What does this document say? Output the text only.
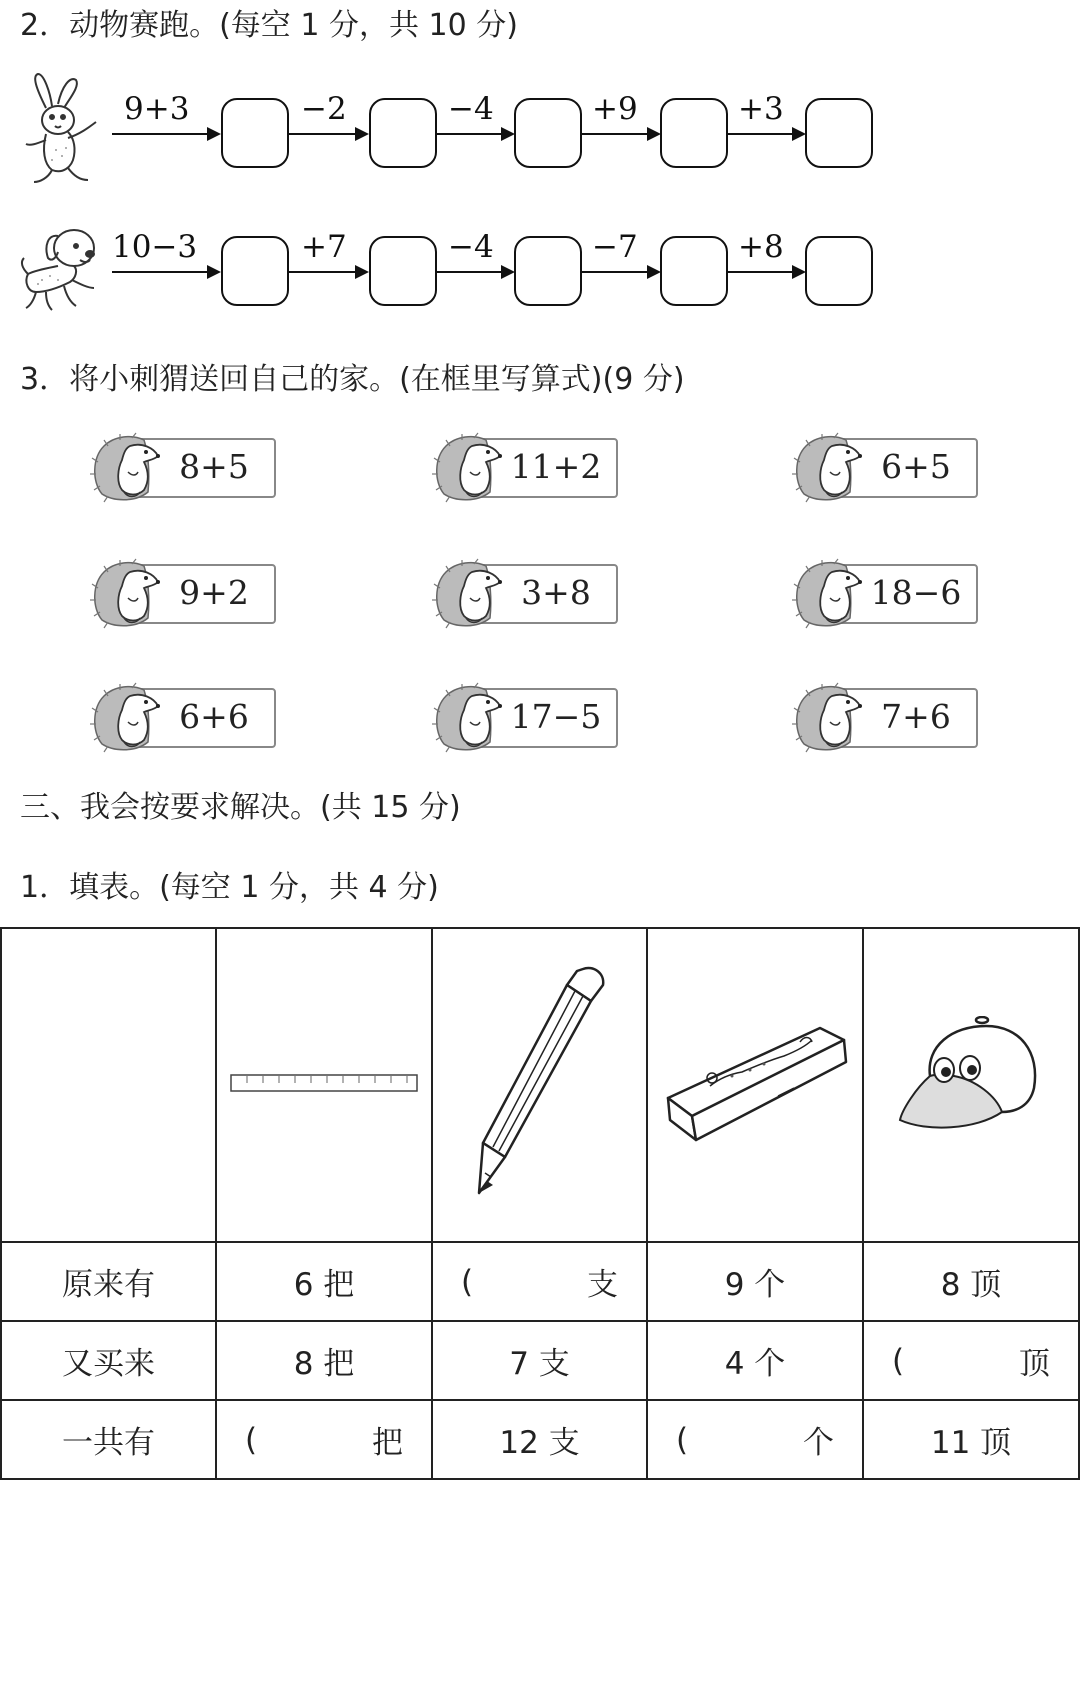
2．动物赛跑。(每空 1 分，共 10 分)
9+3	−2	−4	+9	+3
10−3	+7	−4	−7	+8
3．将小刺猬送回自己的家。(在框里写算式)(9 分)
8+5	11+2	6+5
9+2	3+8	18−6
6+6	17−5	7+6
三、我会按要求解决。(共 15 分)
1．填表。(每空 1 分，共 4 分)

原来有	6 把	( 支	9 个	8 顶
又买来	8 把	7 支	4 个	( 顶

一共有	( 把	12 支	( 个	11 顶
